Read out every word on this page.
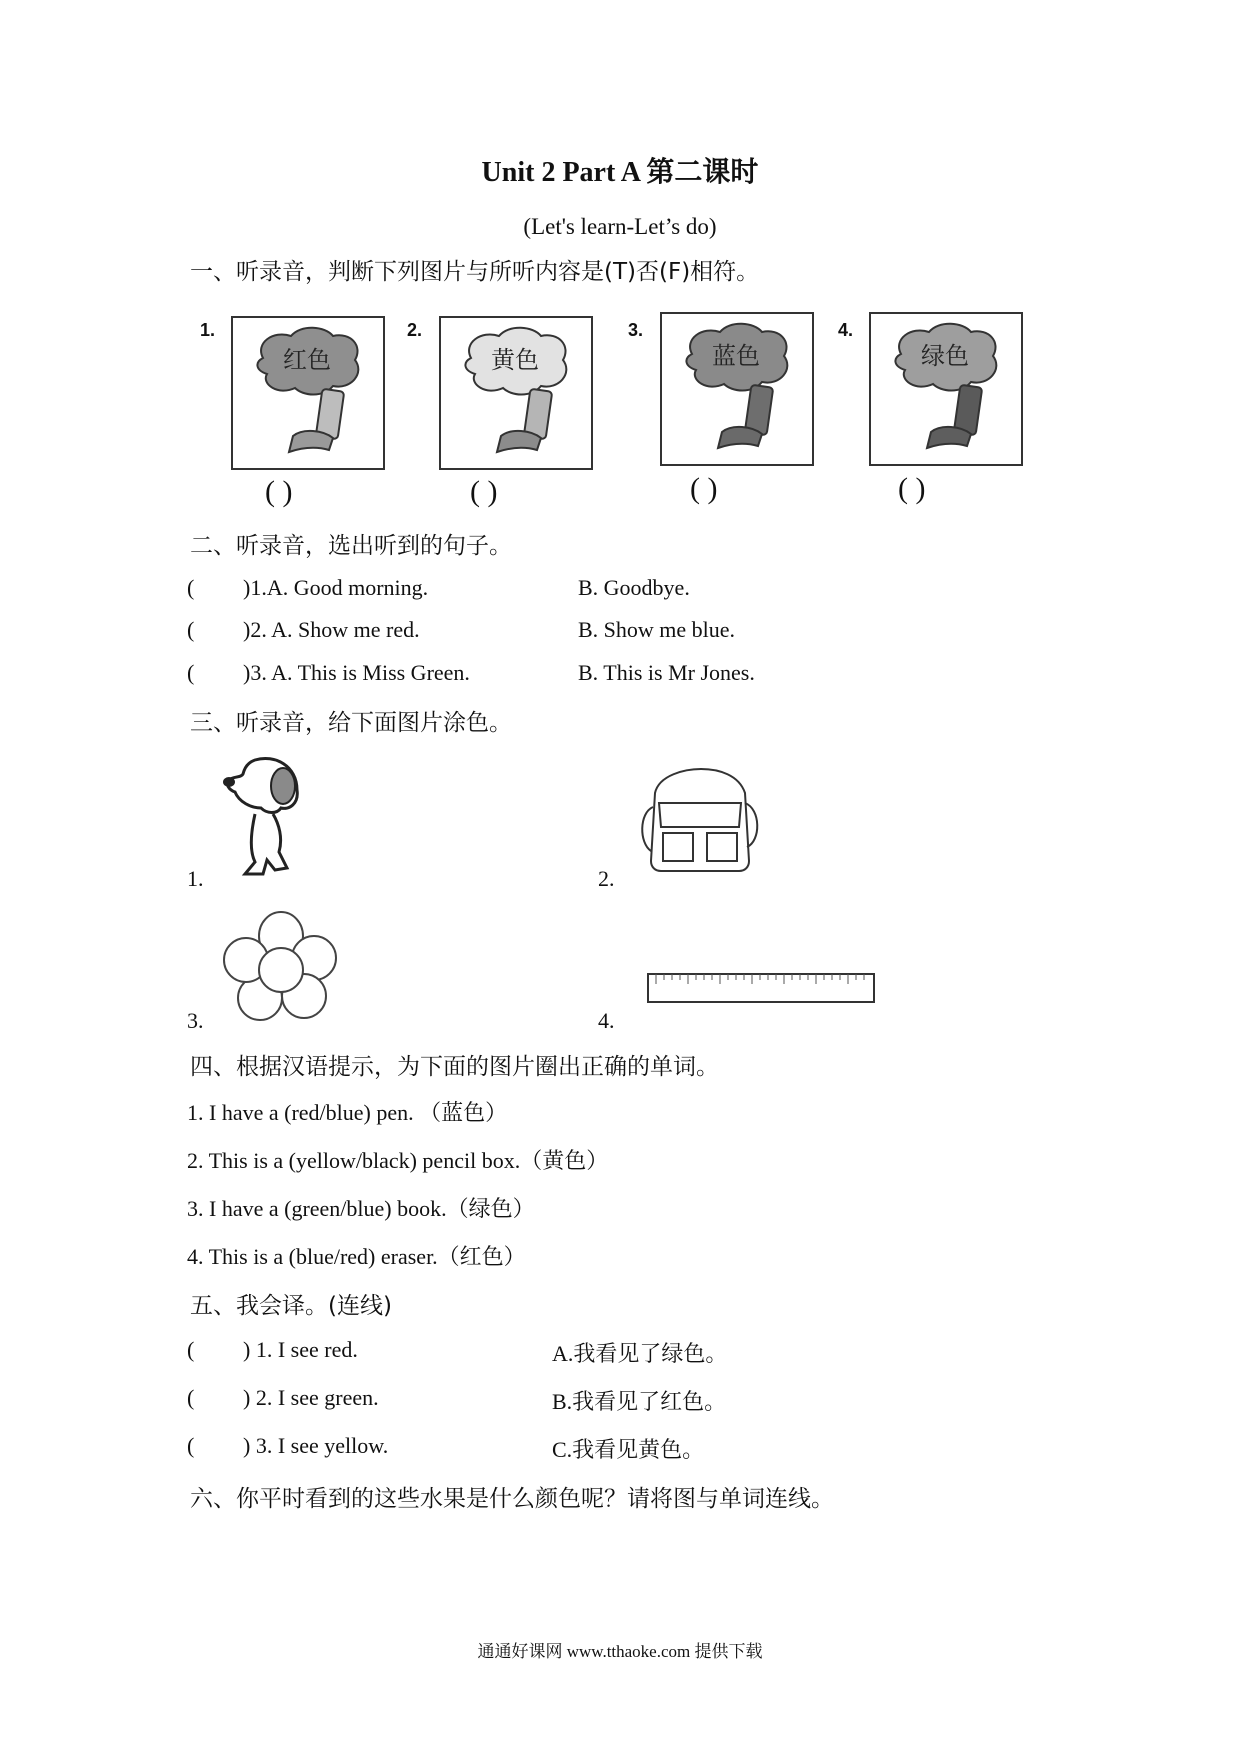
Unit 2 Part A 第二课时
(Let's learn-Let’s do)
一、听录音，判断下列图片与所听内容是(T)否(F)相符。
1.
红色
( )
2.
黄色
( )
3.
蓝色
( )
4.
绿色
( )
二、听录音，选出听到的句子。
( )1.A. Good morning.	B. Goodbye.
( )2. A. Show me red.	B. Show me blue.
( )3. A. This is Miss Green.	B. This is Mr Jones.
三、听录音，给下面图片涂色。
1.	2.
3.	4.
四、根据汉语提示，为下面的图片圈出正确的单词。
1. I have a (red/blue) pen. （蓝色）
2. This is a (yellow/black) pencil box.（黄色）
3. I have a (green/blue) book.（绿色）
4. This is a (blue/red) eraser.（红色）
五、我会译。(连线)
( ) 1. I see red.	A.我看见了绿色。
( ) 2. I see green.	B.我看见了红色。
( ) 3. I see yellow.	C.我看见黄色。
六、你平时看到的这些水果是什么颜色呢？请将图与单词连线。
通通好课网 www.tthaoke.com 提供下载
